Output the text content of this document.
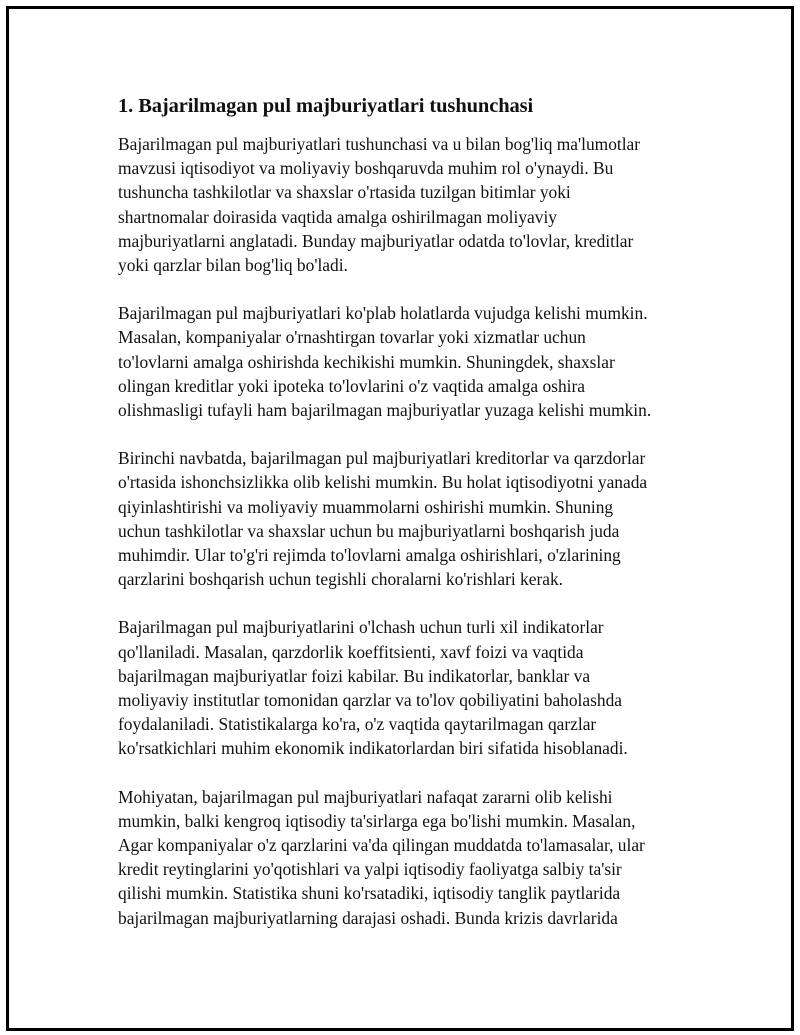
1. Bajarilmagan pul majburiyatlari tushunchasi

Bajarilmagan pul majburiyatlari tushunchasi va u bilan bog'liq ma'lumotlar
mavzusi iqtisodiyot va moliyaviy boshqaruvda muhim rol o'ynaydi. Bu
tushuncha tashkilotlar va shaxslar o'rtasida tuzilgan bitimlar yoki
shartnomalar doirasida vaqtida amalga oshirilmagan moliyaviy
majburiyatlarni anglatadi. Bunday majburiyatlar odatda to'lovlar, kreditlar
yoki qarzlar bilan bog'liq bo'ladi.

Bajarilmagan pul majburiyatlari ko'plab holatlarda vujudga kelishi mumkin.
Masalan, kompaniyalar o'rnashtirgan tovarlar yoki xizmatlar uchun
to'lovlarni amalga oshirishda kechikishi mumkin. Shuningdek, shaxslar
olingan kreditlar yoki ipoteka to'lovlarini o'z vaqtida amalga oshira
olishmasligi tufayli ham bajarilmagan majburiyatlar yuzaga kelishi mumkin.

Birinchi navbatda, bajarilmagan pul majburiyatlari kreditorlar va qarzdorlar
o'rtasida ishonchsizlikka olib kelishi mumkin. Bu holat iqtisodiyotni yanada
qiyinlashtirishi va moliyaviy muammolarni oshirishi mumkin. Shuning
uchun tashkilotlar va shaxslar uchun bu majburiyatlarni boshqarish juda
muhimdir. Ular to'g'ri rejimda to'lovlarni amalga oshirishlari, o'zlarining
qarzlarini boshqarish uchun tegishli choralarni ko'rishlari kerak.

Bajarilmagan pul majburiyatlarini o'lchash uchun turli xil indikatorlar
qo'llaniladi. Masalan, qarzdorlik koeffitsienti, xavf foizi va vaqtida
bajarilmagan majburiyatlar foizi kabilar. Bu indikatorlar, banklar va
moliyaviy institutlar tomonidan qarzlar va to'lov qobiliyatini baholashda
foydalaniladi. Statistikalarga ko'ra, o'z vaqtida qaytarilmagan qarzlar
ko'rsatkichlari muhim ekonomik indikatorlardan biri sifatida hisoblanadi.

Mohiyatan, bajarilmagan pul majburiyatlari nafaqat zararni olib kelishi
mumkin, balki kengroq iqtisodiy ta'sirlarga ega bo'lishi mumkin. Masalan,
Agar kompaniyalar o'z qarzlarini va'da qilingan muddatda to'lamasalar, ular
kredit reytinglarini yo'qotishlari va yalpi iqtisodiy faoliyatga salbiy ta'sir
qilishi mumkin. Statistika shuni ko'rsatadiki, iqtisodiy tanglik paytlarida
bajarilmagan majburiyatlarning darajasi oshadi. Bunda krizis davrlarida
